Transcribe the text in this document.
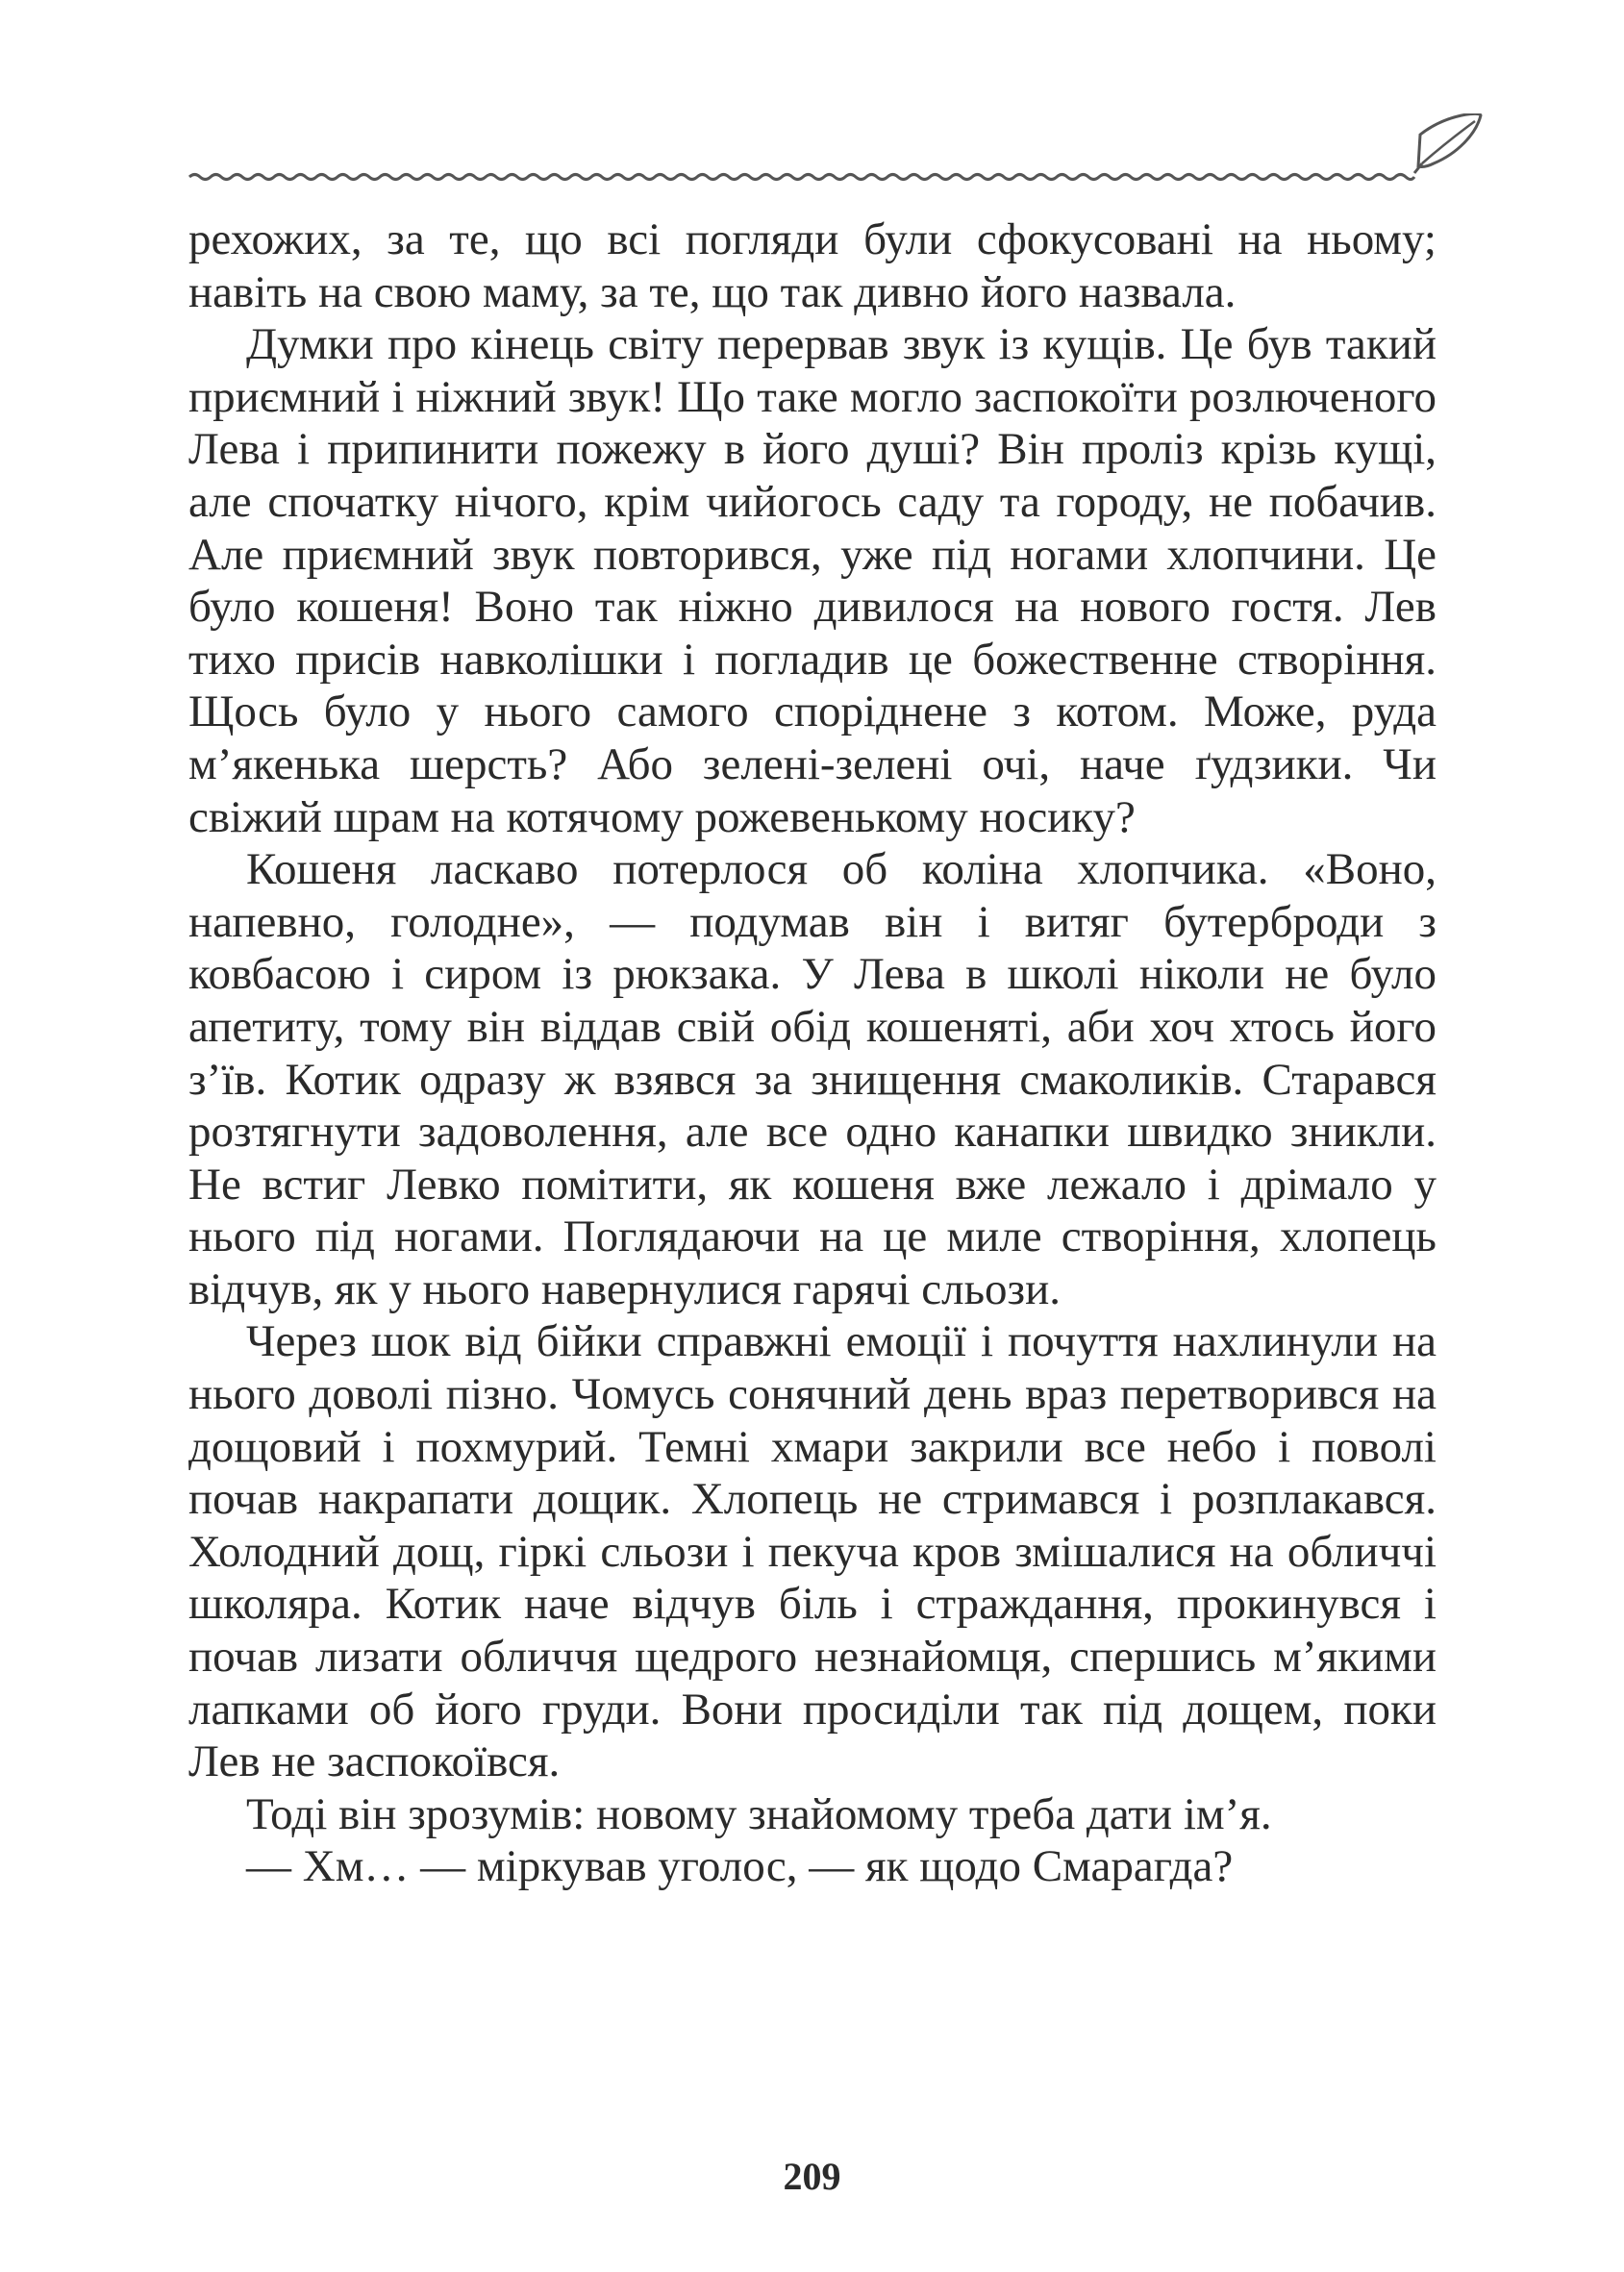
рехожих, за те, що всі погляди були сфокусовані на ньому; навіть на свою маму, за те, що так дивно його назвала.

Думки про кінець світу перервав звук із кущів. Це був такий приємний і ніжний звук! Що таке могло заспокоїти розлюченого Лева і припинити пожежу в його душі? Він проліз крізь кущі, але спочатку нічого, крім чийогось саду та городу, не побачив. Але приємний звук повторився, уже під ногами хлопчини. Це було кошеня! Воно так ніжно дивилося на нового гостя. Лев тихо присів навколішки і погладив це божественне створіння. Щось було у нього самого споріднене з котом. Може, руда м’якенька шерсть? Або зелені-зелені очі, наче ґудзики. Чи свіжий шрам на котячому рожевенькому носику?

Кошеня ласкаво потерлося об коліна хлопчика. «Воно, напевно, голодне», — подумав він і витяг бутерброди з ковбасою і сиром із рюкзака. У Лева в школі ніколи не було апетиту, тому він віддав свій обід кошеняті, аби хоч хтось його з’їв. Котик одразу ж взявся за знищення смаколиків. Старався розтягнути задоволення, але все одно канапки швидко зникли. Не встиг Левко помітити, як кошеня вже лежало і дрімало у нього під ногами. Поглядаючи на це миле створіння, хлопець відчув, як у нього навернулися гарячі сльози.

Через шок від бійки справжні емоції і почуття нахлинули на нього доволі пізно. Чомусь сонячний день враз перетворився на дощовий і похмурий. Темні хмари закрили все небо і поволі почав накрапати дощик. Хлопець не стримався і розплакався. Холодний дощ, гіркі сльози і пекуча кров змішалися на обличчі школяра. Котик наче відчув біль і страждання, прокинувся і почав лизати обличчя щедрого незнайомця, спершись м’якими лапками об його груди. Вони просиділи так під дощем, поки Лев не заспокоївся.

Тоді він зрозумів: новому знайомому треба дати ім’я.

— Хм… — міркував уголос, — як щодо Смарагда?

209
